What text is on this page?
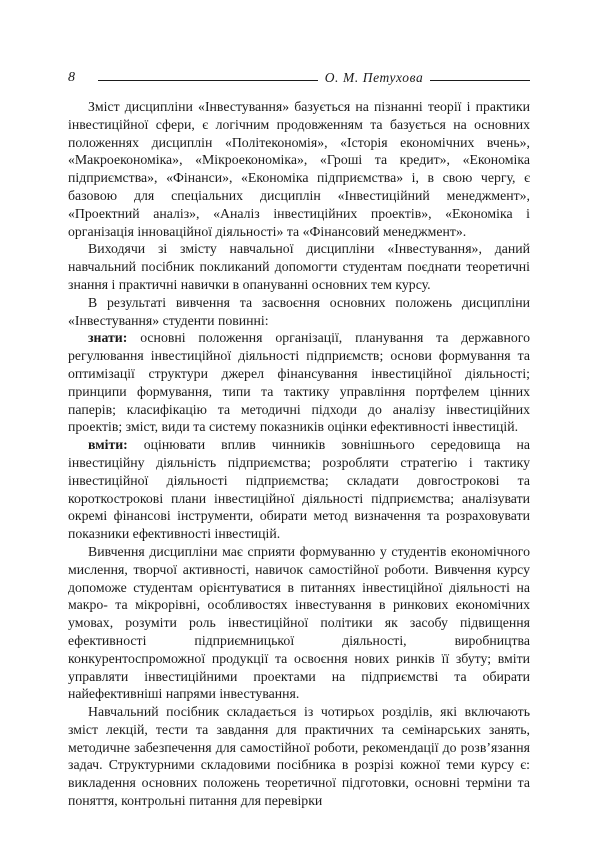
8	О. М. Петухова

Зміст дисципліни «Інвестування» базується на пізнанні теорії і практики інвестиційної сфери, є логічним продовженням та базується на основних положеннях дисциплін «Політекономія», «Історія економічних вчень», «Макроекономіка», «Мікроекономіка», «Гроші та кредит», «Економіка підприємства», «Фінанси», «Економіка підприємства» і, в свою чергу, є базовою для спеціальних дисциплін «Інвестиційний менеджмент», «Проектний аналіз», «Аналіз інвестиційних проектів», «Економіка і організація інноваційної діяльності» та «Фінансовий менеджмент».

Виходячи зі змісту навчальної дисципліни «Інвестування», даний навчальний посібник покликаний допомогти студентам поєднати теоретичні знання і практичні навички в опануванні основних тем курсу.

В результаті вивчення та засвоєння основних положень дисципліни «Інвестування» студенти повинні:

знати: основні положення організації, планування та державного регулювання інвестиційної діяльності підприємств; основи формування та оптимізації структури джерел фінансування інвестиційної діяльності; принципи формування, типи та тактику управління портфелем цінних паперів; класифікацію та методичні підходи до аналізу інвестиційних проектів; зміст, види та систему показників оцінки ефективності інвестицій.

вміти: оцінювати вплив чинників зовнішнього середовища на інвестиційну діяльність підприємства; розробляти стратегію і тактику інвестиційної діяльності підприємства; складати довгострокові та короткострокові плани інвестиційної діяльності підприємства; аналізувати окремі фінансові інструменти, обирати метод визначення та розраховувати показники ефективності інвестицій.

Вивчення дисципліни має сприяти формуванню у студентів економічного мислення, творчої активності, навичок самостійної роботи. Вивчення курсу допоможе студентам орієнтуватися в питаннях інвестиційної діяльності на макро- та мікрорівні, особливостях інвестування в ринкових економічних умовах, розуміти роль інвестиційної політики як засобу підвищення ефективності підприємницької діяльності, виробництва конкурентоспроможної продукції та освоєння нових ринків її збуту; вміти управляти інвестиційними проектами на підприємстві та обирати найефективніші напрями інвестування.

Навчальний посібник складається із чотирьох розділів, які включають зміст лекцій, тести та завдання для практичних та семінарських занять, методичне забезпечення для самостійної роботи, рекомендації до розв’язання задач. Структурними складовими посібника в розрізі кожної теми курсу є: викладення основних положень теоретичної підготовки, основні терміни та поняття, контрольні питання для перевірки
